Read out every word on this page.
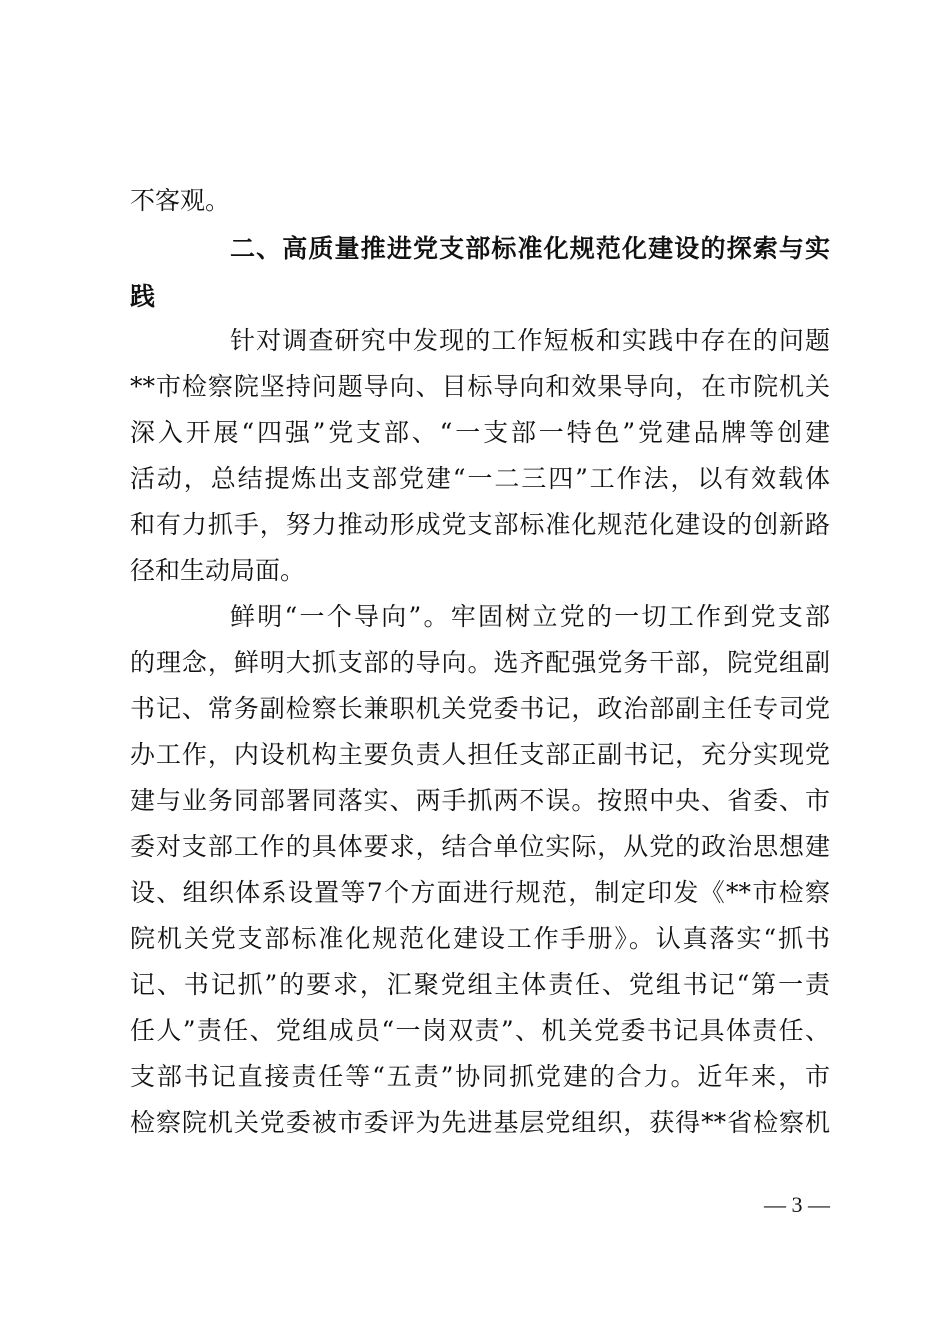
不客观。
二、高质量推进党支部标准化规范化建设的探索与实
践
针对调查研究中发现的工作短板和实践中存在的问题
**市检察院坚持问题导向、目标导向和效果导向，在市院机关
深入开展“四强”党支部、“一支部一特色”党建品牌等创建
活动，总结提炼出支部党建“一二三四”工作法，以有效载体
和有力抓手，努力推动形成党支部标准化规范化建设的创新路
径和生动局面。
鲜明“一个导向”。牢固树立党的一切工作到党支部
的理念，鲜明大抓支部的导向。选齐配强党务干部，院党组副
书记、常务副检察长兼职机关党委书记，政治部副主任专司党
办工作，内设机构主要负责人担任支部正副书记，充分实现党
建与业务同部署同落实、两手抓两不误。按照中央、省委、市
委对支部工作的具体要求，结合单位实际，从党的政治思想建
设、组织体系设置等7个方面进行规范，制定印发《**市检察
院机关党支部标准化规范化建设工作手册》。认真落实“抓书
记、书记抓”的要求，汇聚党组主体责任、党组书记“第一责
任人”责任、党组成员“一岗双责”、机关党委书记具体责任、
支部书记直接责任等“五责”协同抓党建的合力。近年来，市
检察院机关党委被市委评为先进基层党组织，获得**省检察机
— 3 —
